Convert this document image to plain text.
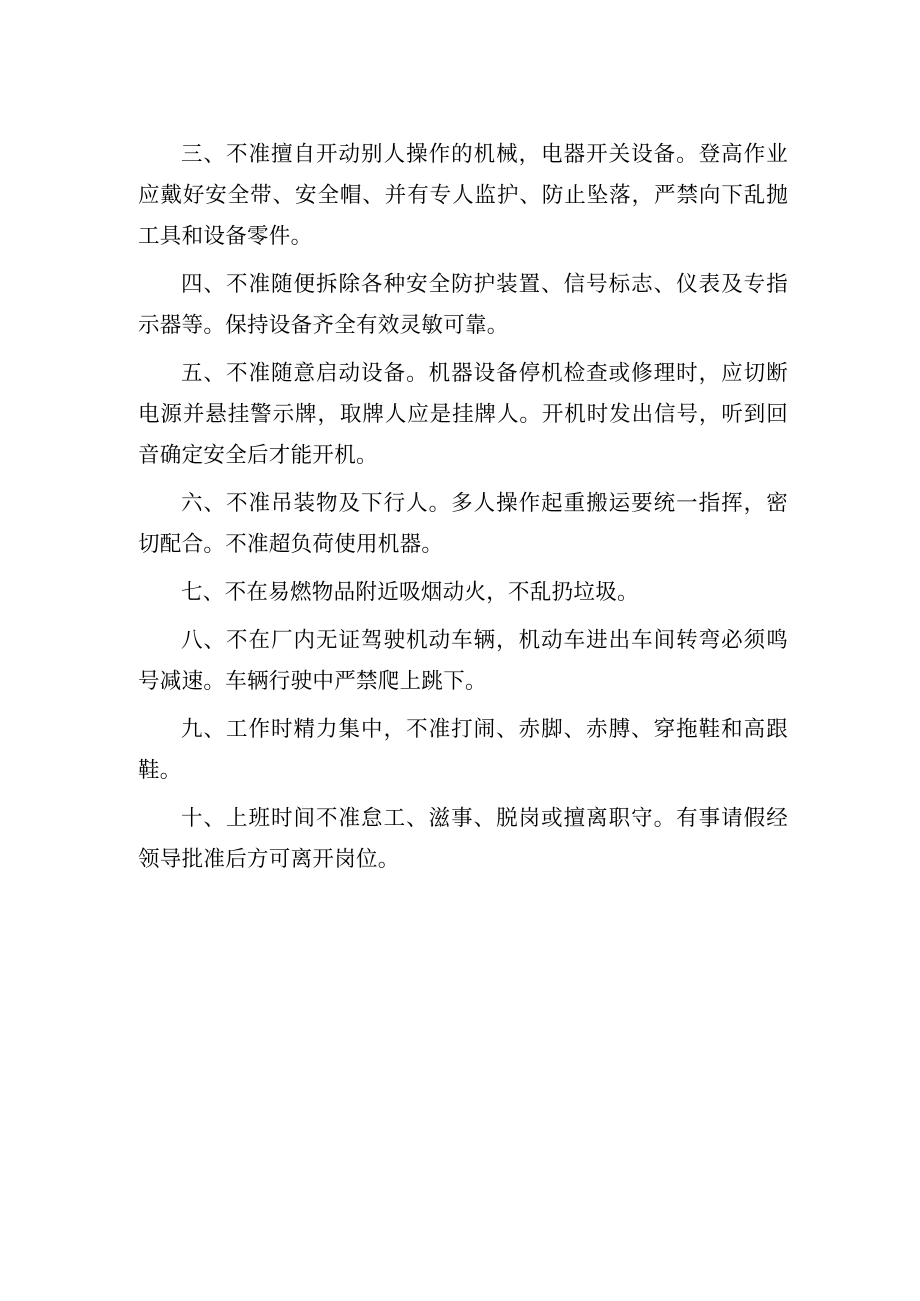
三、不准擅自开动别人操作的机械，电器开关设备。登高作业应戴好安全带、安全帽、并有专人监护、防止坠落，严禁向下乱抛工具和设备零件。

四、不准随便拆除各种安全防护装置、信号标志、仪表及专指示器等。保持设备齐全有效灵敏可靠。

五、不准随意启动设备。机器设备停机检查或修理时，应切断电源并悬挂警示牌，取牌人应是挂牌人。开机时发出信号，听到回音确定安全后才能开机。

六、不准吊装物及下行人。多人操作起重搬运要统一指挥，密切配合。不准超负荷使用机器。

七、不在易燃物品附近吸烟动火，不乱扔垃圾。

八、不在厂内无证驾驶机动车辆，机动车进出车间转弯必须鸣号减速。车辆行驶中严禁爬上跳下。

九、工作时精力集中，不准打闹、赤脚、赤膊、穿拖鞋和高跟鞋。

十、上班时间不准怠工、滋事、脱岗或擅离职守。有事请假经领导批准后方可离开岗位。
